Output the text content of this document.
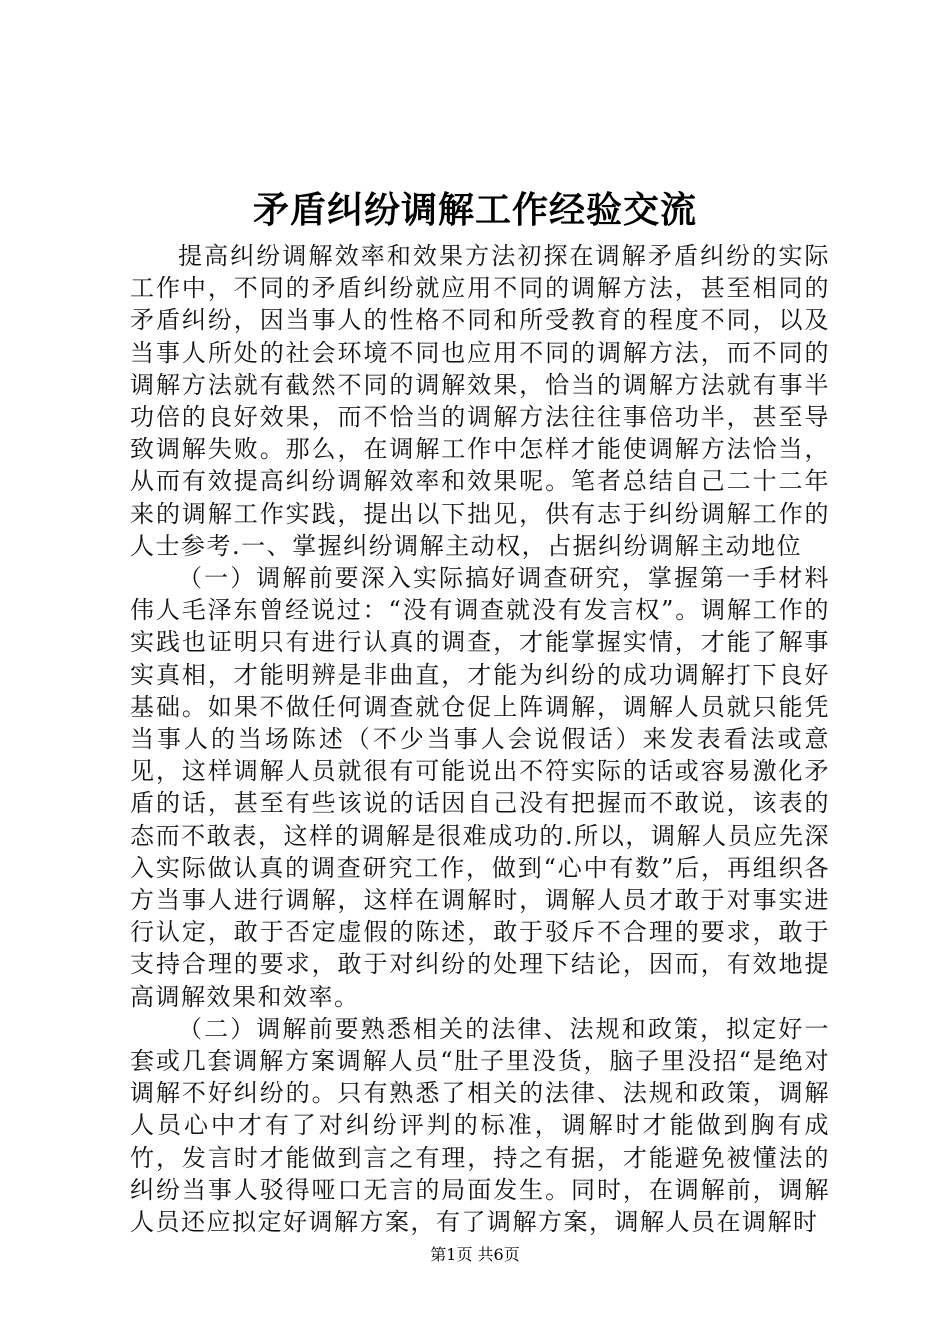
矛盾纠纷调解工作经验交流

提高纠纷调解效率和效果方法初探在调解矛盾纠纷的实际工作中，不同的矛盾纠纷就应用不同的调解方法，甚至相同的矛盾纠纷，因当事人的性格不同和所受教育的程度不同，以及当事人所处的社会环境不同也应用不同的调解方法，而不同的调解方法就有截然不同的调解效果，恰当的调解方法就有事半功倍的良好效果，而不恰当的调解方法往往事倍功半，甚至导致调解失败。那么，在调解工作中怎样才能使调解方法恰当，从而有效提高纠纷调解效率和效果呢。笔者总结自己二十二年来的调解工作实践，提出以下拙见，供有志于纠纷调解工作的人士参考.一、掌握纠纷调解主动权，占据纠纷调解主动地位

（一）调解前要深入实际搞好调查研究，掌握第一手材料伟人毛泽东曾经说过：“没有调查就没有发言权”。调解工作的实践也证明只有进行认真的调查，才能掌握实情，才能了解事实真相，才能明辨是非曲直，才能为纠纷的成功调解打下良好基础。如果不做任何调查就仓促上阵调解，调解人员就只能凭当事人的当场陈述（不少当事人会说假话）来发表看法或意见，这样调解人员就很有可能说出不符实际的话或容易激化矛盾的话，甚至有些该说的话因自己没有把握而不敢说，该表的态而不敢表，这样的调解是很难成功的.所以，调解人员应先深入实际做认真的调查研究工作，做到“心中有数”后，再组织各方当事人进行调解，这样在调解时，调解人员才敢于对事实进行认定，敢于否定虚假的陈述，敢于驳斥不合理的要求，敢于支持合理的要求，敢于对纠纷的处理下结论，因而，有效地提高调解效果和效率。

（二）调解前要熟悉相关的法律、法规和政策，拟定好一套或几套调解方案调解人员“肚子里没货，脑子里没招“是绝对调解不好纠纷的。只有熟悉了相关的法律、法规和政策，调解人员心中才有了对纠纷评判的标准，调解时才能做到胸有成竹，发言时才能做到言之有理，持之有据，才能避免被懂法的纠纷当事人驳得哑口无言的局面发生。同时，在调解前，调解人员还应拟定好调解方案，有了调解方案，调解人员在调解时

第1页 共6页
